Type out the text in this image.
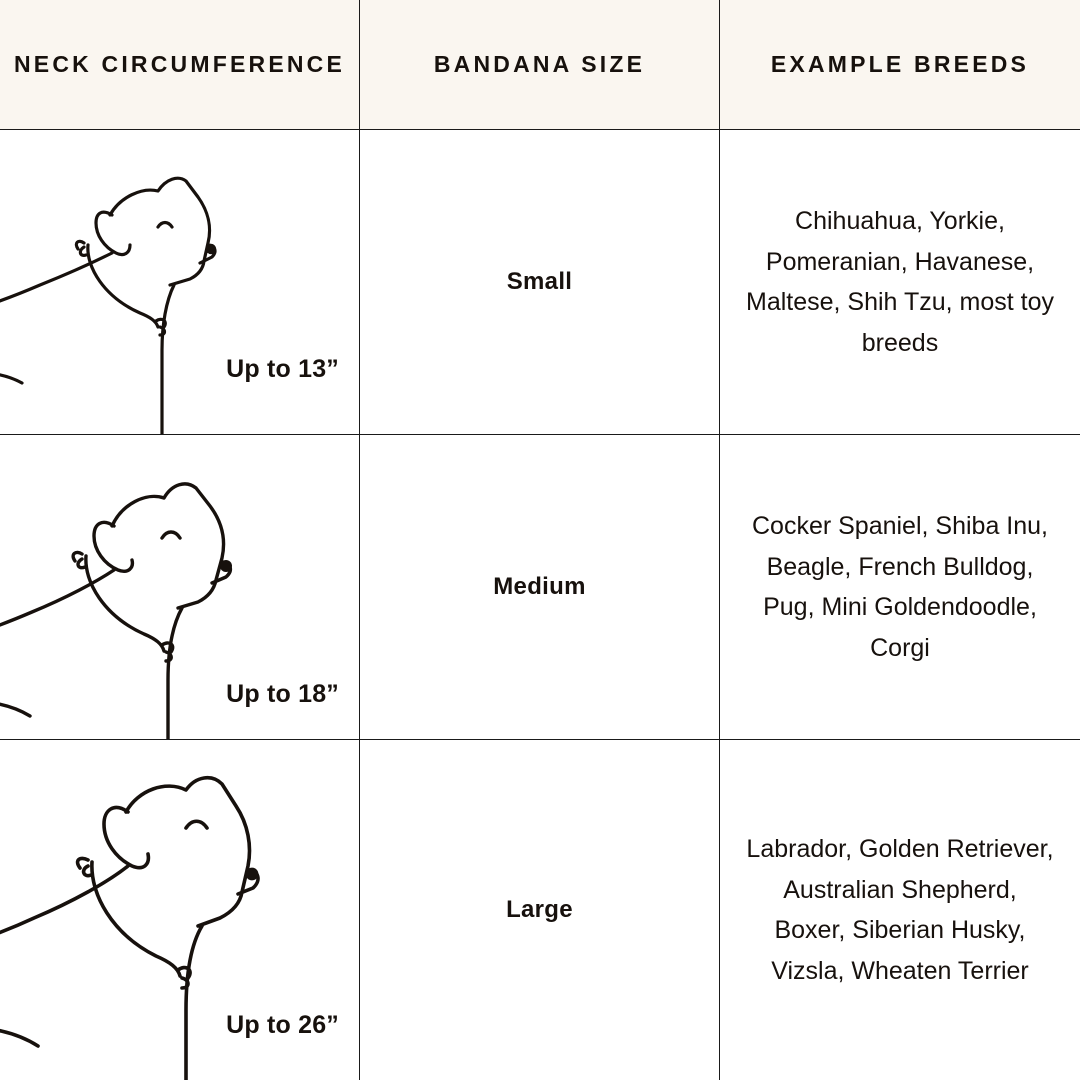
NECK CIRCUMFERENCE	BANDANA SIZE	EXAMPLE BREEDS
Up to 13”
Small
Chihuahua, Yorkie, Pomeranian, Havanese, Maltese, Shih Tzu, most toy breeds
Up to 18”
Medium
Cocker Spaniel, Shiba Inu, Beagle, French Bulldog, Pug, Mini Goldendoodle, Corgi
Up to 26”
Large
Labrador, Golden Retriever, Australian Shepherd, Boxer, Siberian Husky, Vizsla, Wheaten Terrier
